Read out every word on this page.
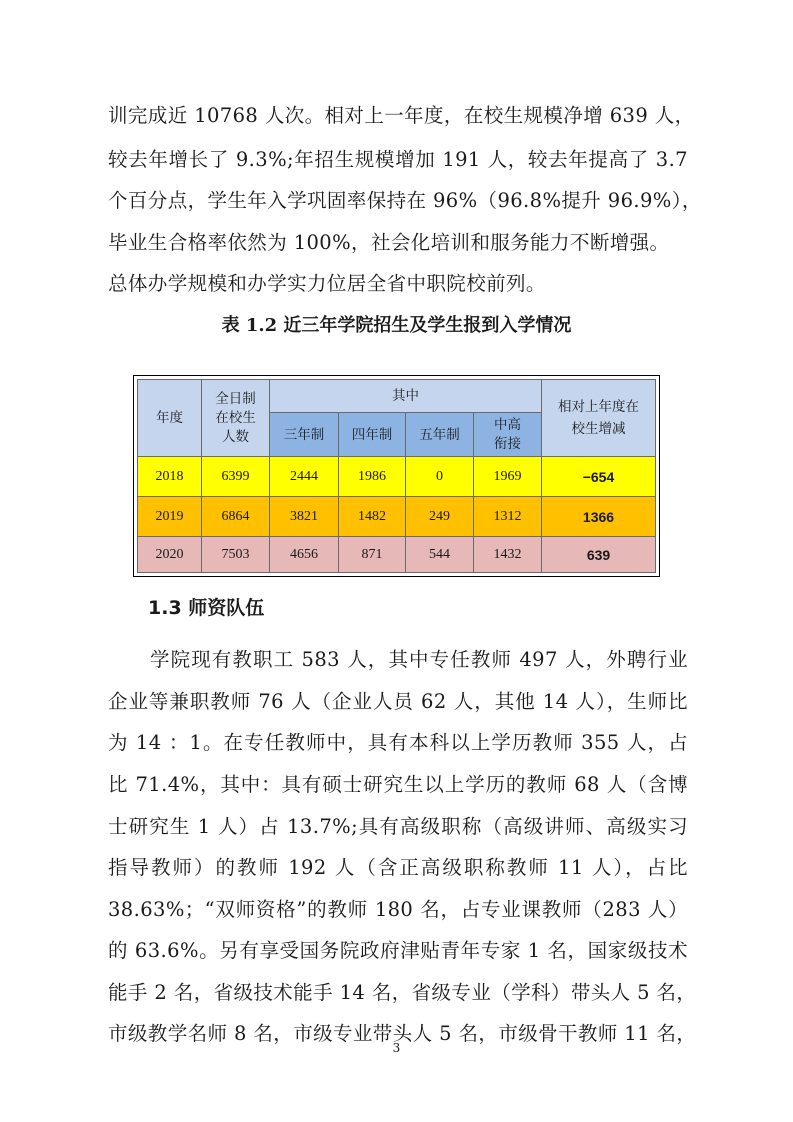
训完成近 10768 人次。相对上一年度，在校生规模净增 639 人，
较去年增长了 9.3%;年招生规模增加 191 人，较去年提高了 3.7
个百分点，学生年入学巩固率保持在 96%（96.8%提升 96.9%），
毕业生合格率依然为 100%，社会化培训和服务能力不断增强。
总体办学规模和办学实力位居全省中职院校前列。
表 1.2 近三年学院招生及学生报到入学情况
年度	全日制在校生人数	其中				相对上年度在校生增减
		三年制	四年制	五年制	中高衔接	
2018	6399	2444	1986	0	1969	−654
2019	6864	3821	1482	249	1312	1366
2020	7503	4656	871	544	1432	639
1.3 师资队伍
学院现有教职工 583 人，其中专任教师 497 人，外聘行业
企业等兼职教师 76 人（企业人员 62 人，其他 14 人），生师比
为 14 ：1。在专任教师中，具有本科以上学历教师 355 人，占
比 71.4%，其中：具有硕士研究生以上学历的教师 68 人（含博
士研究生 1 人）占 13.7%;具有高级职称（高级讲师、高级实习
指导教师）的教师 192 人（含正高级职称教师 11 人），占比
38.63%；“双师资格”的教师 180 名，占专业课教师（283 人）
的 63.6%。另有享受国务院政府津贴青年专家 1 名，国家级技术
能手 2 名，省级技术能手 14 名，省级专业（学科）带头人 5 名，
市级教学名师 8 名，市级专业带头人 5 名，市级骨干教师 11 名，
3
